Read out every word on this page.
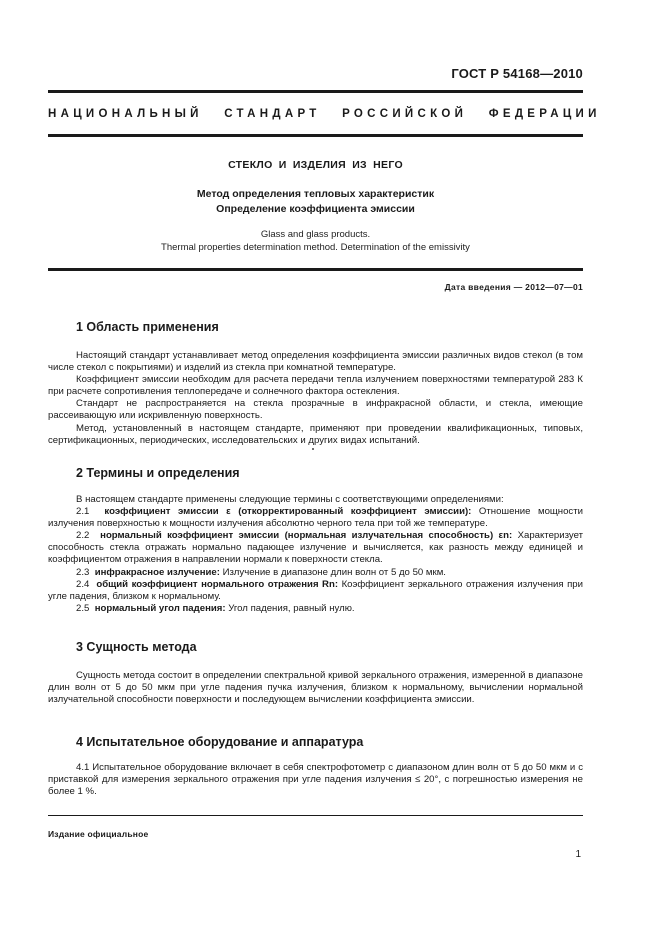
ГОСТ Р 54168—2010
НАЦИОНАЛЬНЫЙ СТАНДАРТ РОССИЙСКОЙ ФЕДЕРАЦИИ
СТЕКЛО И ИЗДЕЛИЯ ИЗ НЕГО
Метод определения тепловых характеристик
Определение коэффициента эмиссии
Glass and glass products.
Thermal properties determination method. Determination of the emissivity
Дата введения — 2012—07—01
1 Область применения

Настоящий стандарт устанавливает метод определения коэффициента эмиссии различных видов стекол (в том числе стекол с покрытиями) и изделий из стекла при комнатной температуре.

Коэффициент эмиссии необходим для расчета передачи тепла излучением поверхностями температурой 283 К при расчете сопротивления теплопередаче и солнечного фактора остекления.

Стандарт не распространяется на стекла прозрачные в инфракрасной области, и стекла, имеющие рассеивающую или искривленную поверхность.

Метод, установленный в настоящем стандарте, применяют при проведении квалификационных, типовых, сертификационных, периодических, исследовательских и других видах испытаний.

2 Термины и определения

В настоящем стандарте применены следующие термины с соответствующими определениями:

2.1 коэффициент эмиссии ε (откорректированный коэффициент эмиссии): Отношение мощности излучения поверхностью к мощности излучения абсолютно черного тела при той же температуре.

2.2 нормальный коэффициент эмиссии (нормальная излучательная способность) εn: Характеризует способность стекла отражать нормально падающее излучение и вычисляется, как разность между единицей и коэффициентом отражения в направлении нормали к поверхности стекла.

2.3 инфракрасное излучение: Излучение в диапазоне длин волн от 5 до 50 мкм.

2.4 общий коэффициент нормального отражения Rn: Коэффициент зеркального отражения излучения при угле падения, близком к нормальному.

2.5 нормальный угол падения: Угол падения, равный нулю.

3 Сущность метода

Сущность метода состоит в определении спектральной кривой зеркального отражения, измеренной в диапазоне длин волн от 5 до 50 мкм при угле падения пучка излучения, близком к нормальному, вычислении нормальной излучательной способности поверхности и последующем вычислении коэффициента эмиссии.

4 Испытательное оборудование и аппаратура

4.1 Испытательное оборудование включает в себя спектрофотометр с диапазоном длин волн от 5 до 50 мкм и с приставкой для измерения зеркального отражения при угле падения излучения ≤ 20°, с погрешностью измерения не более 1 %.

Издание официальное
1
